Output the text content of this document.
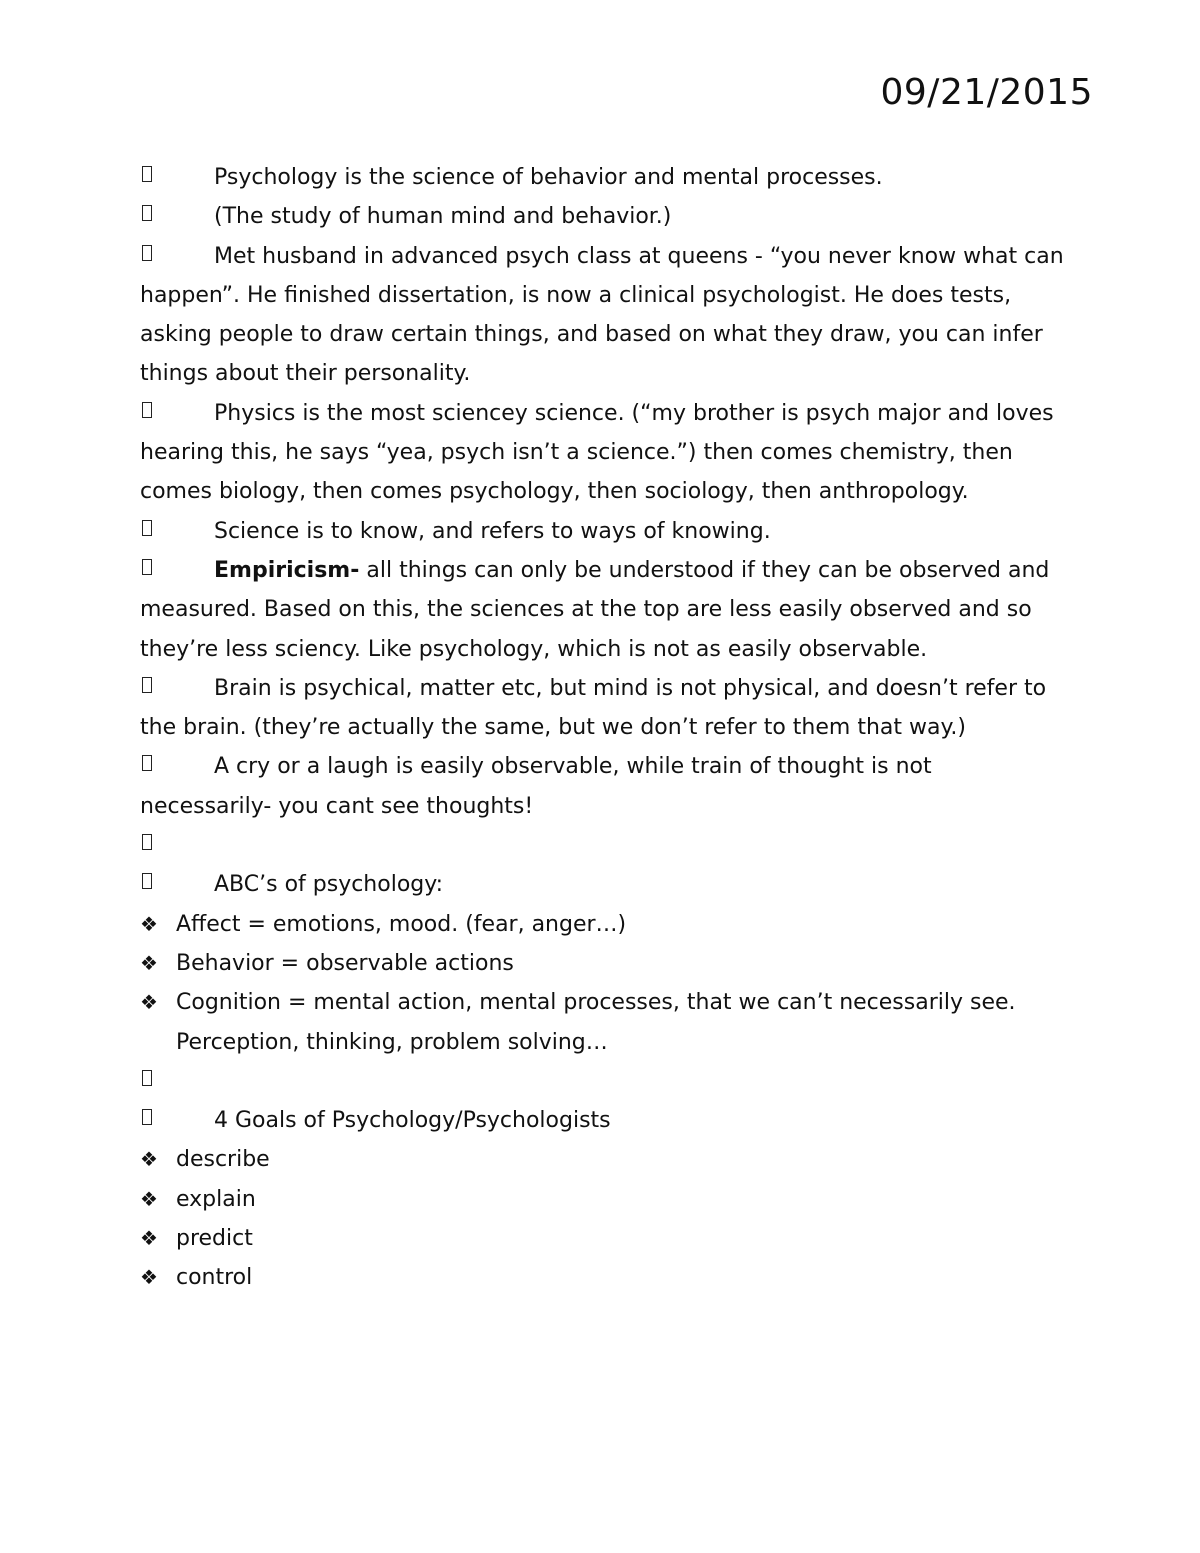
09/21/2015

Psychology is the science of behavior and mental processes.

(The study of human mind and behavior.)

Met husband in advanced psych class at queens - “you never know what can happen”. He finished dissertation, is now a clinical psychologist. He does tests, asking people to draw certain things, and based on what they draw, you can infer things about their personality.

Physics is the most sciencey science. (“my brother is psych major and loves hearing this, he says “yea, psych isn’t a science.”) then comes chemistry, then comes biology, then comes psychology, then sociology, then anthropology.

Science is to know, and refers to ways of knowing.

Empiricism- all things can only be understood if they can be observed and measured. Based on this, the sciences at the top are less easily observed and so they’re less sciency. Like psychology, which is not as easily observable.

Brain is psychical, matter etc, but mind is not physical, and doesn’t refer to the brain. (they’re actually the same, but we don’t refer to them that way.)

A cry or a laugh is easily observable, while train of thought is not necessarily- you cant see thoughts!

ABC’s of psychology:

❖ Affect = emotions, mood. (fear, anger…)

❖ Behavior = observable actions

❖ Cognition = mental action, mental processes, that we can’t necessarily see. Perception, thinking, problem solving…

4 Goals of Psychology/Psychologists

❖ describe

❖ explain

❖ predict

❖ control
